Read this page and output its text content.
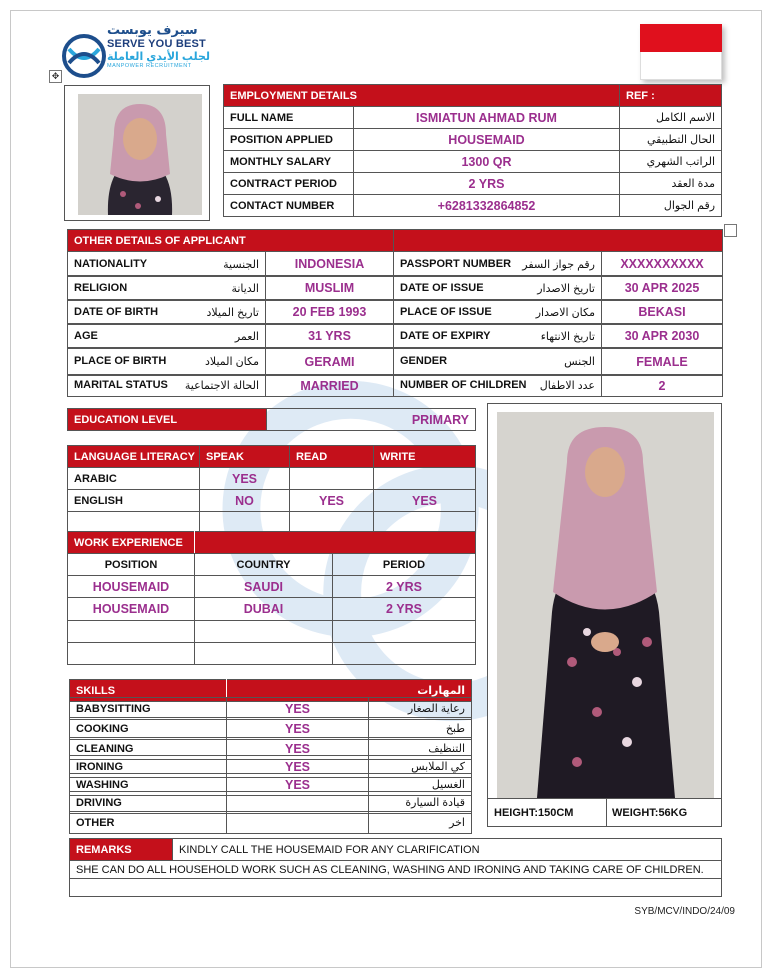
سيرف يوبست
SERVE YOU BEST
لجلب الأيدي العاملة
MANPOWER RECRUITMENT
✥
EMPLOYMENT DETAILS		REF :
FULL NAME	ISMIATUN AHMAD RUM	الاسم الكامل
POSITION APPLIED	HOUSEMAID	الحال التطبيقي
MONTHLY SALARY	1300 QR	الراتب الشهري
CONTRACT PERIOD	2 YRS	مدة العقد
CONTACT NUMBER	+6281332864852	رقم الجوال
OTHER DETAILS OF APPLICANT	
NATIONALITY	الجنسية	INDONESIA	PASSPORT NUMBER رقم جواز السفر	XXXXXXXXXX
RELIGION	الديانة	MUSLIM	DATE OF ISSUE	تاريخ الاصدار	30 APR 2025
DATE OF BIRTH	تاريخ الميلاد	20 FEB 1993	PLACE OF ISSUE	مكان الاصدار	BEKASI
AGE	العمر	31 YRS	DATE OF EXPIRY	تاريخ الانتهاء	30 APR 2030
PLACE OF BIRTH	مكان الميلاد	GERAMI	GENDER	الجنس	FEMALE
MARITAL STATUS الحالة الاجتماعية	MARRIED	NUMBER OF CHILDREN عدد الاطفال	2
EDUCATION LEVEL	PRIMARY
LANGUAGE LITERACY	SPEAK	READ	WRITE
ARABIC	YES		
ENGLISH	NO	YES	YES

WORK EXPERIENCE		
POSITION	COUNTRY	PERIOD
HOUSEMAID	SAUDI	2 YRS
HOUSEMAID	DUBAI	2 YRS

SKILLS	المهارات
BABYSITTING	YES	رعاية الصغار
COOKING	YES	طبخ
CLEANING	YES	التنظيف
IRONING	YES	كي الملابس
WASHING	YES	الغسيل
DRIVING		قيادة السيارة
OTHER		اخر
HEIGHT:150CM	WEIGHT:56KG
REMARKS	KINDLY CALL THE HOUSEMAID FOR ANY CLARIFICATION
SHE CAN DO ALL HOUSEHOLD WORK SUCH AS CLEANING, WASHING AND IRONING AND TAKING CARE OF CHILDREN.

SYB/MCV/INDO/24/09
